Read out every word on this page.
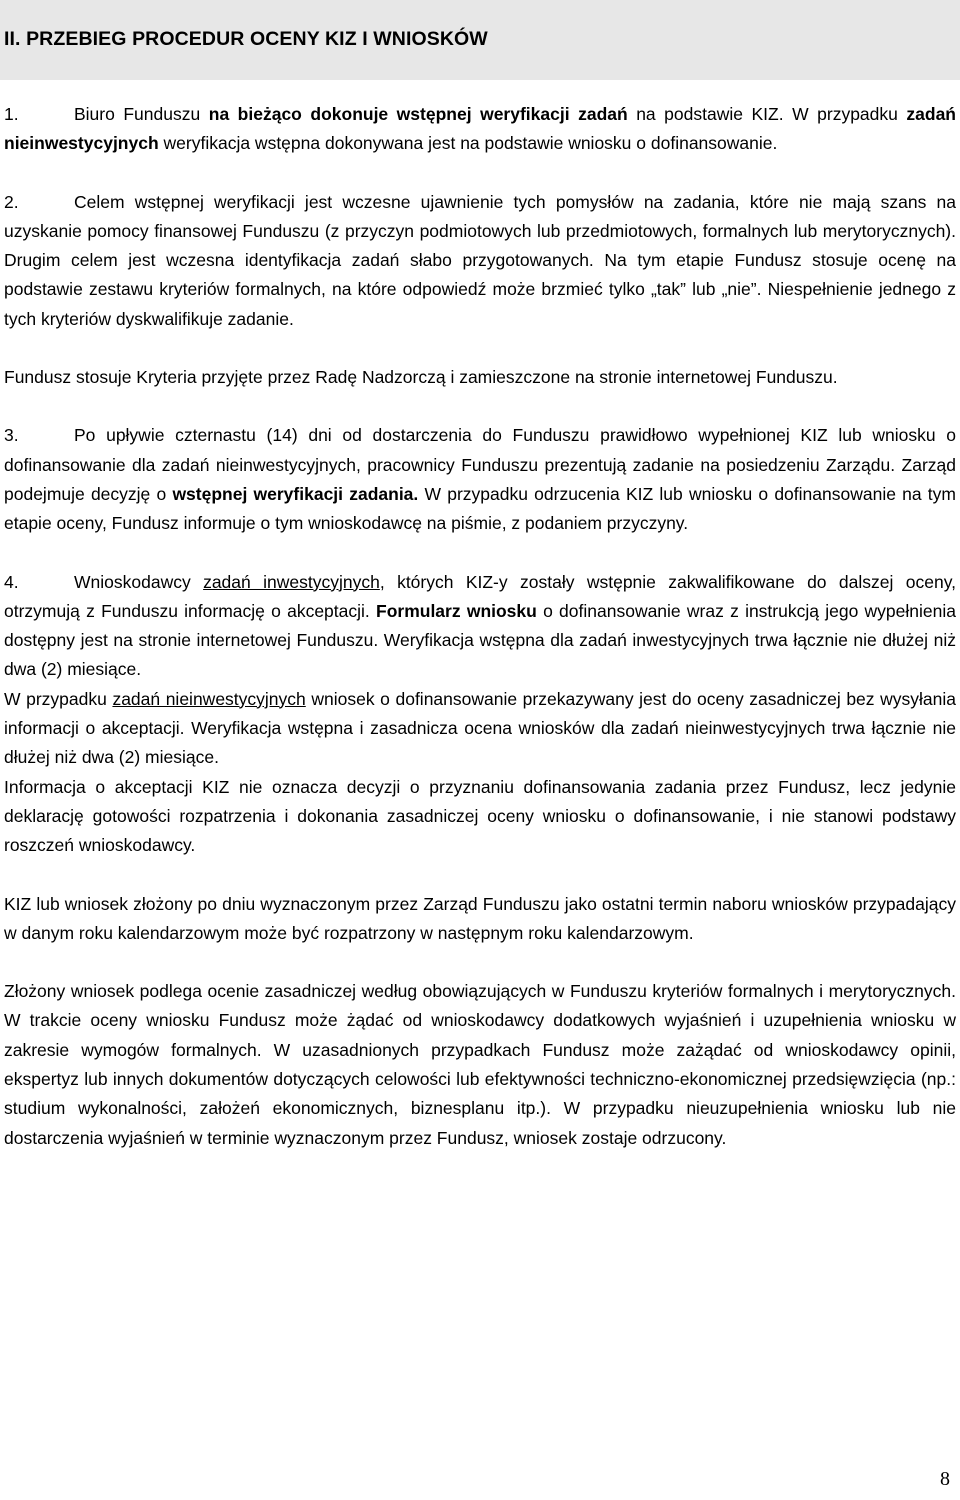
II. PRZEBIEG PROCEDUR OCENY KIZ I WNIOSKÓW

1.	Biuro Funduszu na bieżąco dokonuje wstępnej weryfikacji zadań na podstawie KIZ. W przypadku zadań nieinwestycyjnych weryfikacja wstępna dokonywana jest na podstawie wniosku o dofinansowanie.

2.	Celem wstępnej weryfikacji jest wczesne ujawnienie tych pomysłów na zadania, które nie mają szans na uzyskanie pomocy finansowej Funduszu (z przyczyn podmiotowych lub przedmiotowych, formalnych lub merytorycznych). Drugim celem jest wczesna identyfikacja zadań słabo przygotowanych. Na tym etapie Fundusz stosuje ocenę na podstawie zestawu kryteriów formalnych, na które odpowiedź może brzmieć tylko „tak” lub „nie”. Niespełnienie jednego z tych kryteriów dyskwalifikuje zadanie.

Fundusz stosuje Kryteria przyjęte przez Radę Nadzorczą i zamieszczone na stronie internetowej Funduszu.

3.	Po upływie czternastu (14) dni od dostarczenia do Funduszu prawidłowo wypełnionej KIZ lub wniosku o dofinansowanie dla zadań nieinwestycyjnych, pracownicy Funduszu prezentują zadanie na posiedzeniu Zarządu. Zarząd podejmuje decyzję o wstępnej weryfikacji zadania. W przypadku odrzucenia KIZ lub wniosku o dofinansowanie na tym etapie oceny, Fundusz informuje o tym wnioskodawcę na piśmie, z podaniem przyczyny.

4.	Wnioskodawcy zadań inwestycyjnych, których KIZ-y zostały wstępnie zakwalifikowane do dalszej oceny, otrzymują z Funduszu informację o akceptacji. Formularz wniosku o dofinansowanie wraz z instrukcją jego wypełnienia dostępny jest na stronie internetowej Funduszu. Weryfikacja wstępna dla zadań inwestycyjnych trwa łącznie nie dłużej niż dwa (2) miesiące.

W przypadku zadań nieinwestycyjnych wniosek o dofinansowanie przekazywany jest do oceny zasadniczej bez wysyłania informacji o akceptacji. Weryfikacja wstępna i zasadnicza ocena wniosków dla zadań nieinwestycyjnych trwa łącznie nie dłużej niż dwa (2) miesiące.

Informacja o akceptacji KIZ nie oznacza decyzji o przyznaniu dofinansowania zadania przez Fundusz, lecz jedynie deklarację gotowości rozpatrzenia i dokonania zasadniczej oceny wniosku o dofinansowanie, i nie stanowi podstawy roszczeń wnioskodawcy.

KIZ lub wniosek złożony po dniu wyznaczonym przez Zarząd Funduszu jako ostatni termin naboru wniosków przypadający w danym roku kalendarzowym może być rozpatrzony w następnym roku kalendarzowym.

Złożony wniosek podlega ocenie zasadniczej według obowiązujących w Funduszu kryteriów formalnych i merytorycznych. W trakcie oceny wniosku Fundusz może żądać od wnioskodawcy dodatkowych wyjaśnień i uzupełnienia wniosku w zakresie wymogów formalnych. W uzasadnionych przypadkach Fundusz może zażądać od wnioskodawcy opinii, ekspertyz lub innych dokumentów dotyczących celowości lub efektywności techniczno-ekonomicznej przedsięwzięcia (np.: studium wykonalności, założeń ekonomicznych, biznesplanu itp.). W przypadku nieuzupełnienia wniosku lub nie dostarczenia wyjaśnień w terminie wyznaczonym przez Fundusz, wniosek zostaje odrzucony.

8
